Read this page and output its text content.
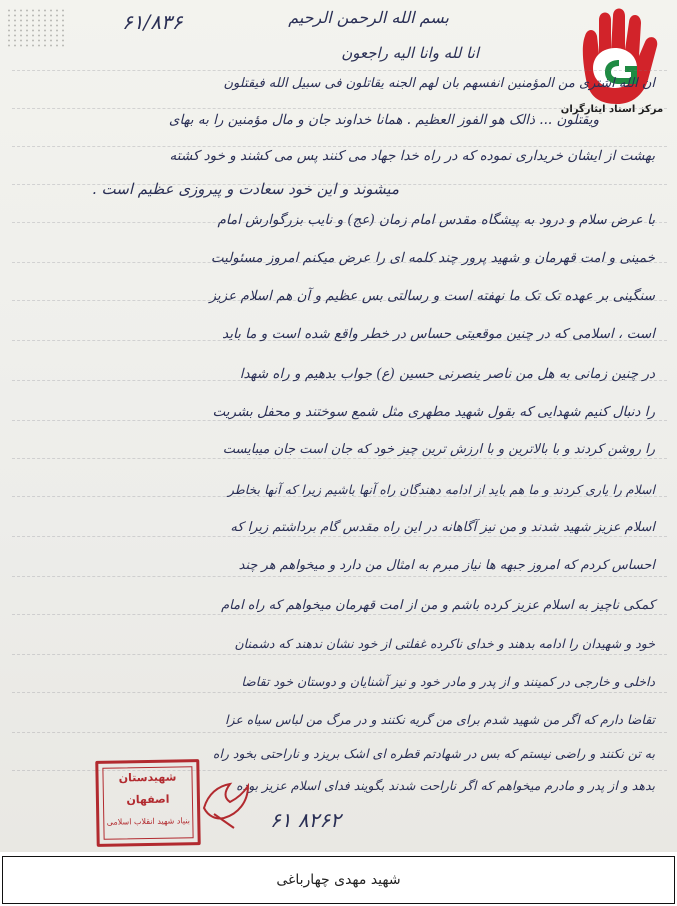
۶۱/۸۳۶
مرکز اسناد ایثارگران
بسم الله الرحمن الرحیم
انا لله وانا الیه راجعون
ان الله اشتری من المؤمنین انفسهم بان لهم الجنه یقاتلون فی سبیل الله فیقتلون
ویقتلون ... ذالک هو الفوز العظیم . همانا خداوند جان و مال مؤمنین را به بهای
بهشت از ایشان خریداری نموده که در راه خدا جهاد می کنند پس می کشند و خود کشته
میشوند و این خود سعادت و پیروزی عظیم است .
با عرض سلام و درود به پیشگاه مقدس امام زمان (عج) و نایب بزرگوارش امام
خمینی و امت قهرمان و شهید پرور چند کلمه ای را عرض میکنم امروز مسئولیت
سنگینی بر عهده تک تک ما نهفته است و رسالتی بس عظیم و آن هم اسلام عزیز
است ، اسلامی که در چنین موقعیتی حساس در خطر واقع شده است و ما باید
در چنین زمانی به هل من ناصر ینصرنی حسین (ع) جواب بدهیم و راه شهدا
را دنبال کنیم شهدایی که بقول شهید مطهری مثل شمع سوختند و محفل بشریت
را روشن کردند و با بالاترین و با ارزش ترین چیز خود که جان است جان میبایست
اسلام را یاری کردند و ما هم باید از ادامه دهندگان راه آنها باشیم زیرا که آنها بخاطر
اسلام عزیز شهید شدند و من نیز آگاهانه در این راه مقدس گام برداشتم زیرا که
احساس کردم که امروز جبهه ها نیاز مبرم به امثال من دارد و میخواهم هر چند
کمکی ناچیز به اسلام عزیز کرده باشم و من از امت قهرمان میخواهم که راه امام
خود و شهیدان را ادامه بدهند و خدای ناکرده غفلتی از خود نشان ندهند که دشمنان
داخلی و خارجی در کمینند و از پدر و مادر خود و نیز آشنایان و دوستان خود تقاضا
تقاضا دارم که اگر من شهید شدم برای من گریه نکنند و در مرگ من لباس سیاه عزا
به تن نکنند و راضی نیستم که بس در شهادتم قطره ای اشک بریزد و ناراحتی بخود راه
بدهد و از پدر و مادرم میخواهم که اگر ناراحت شدند بگویند فدای اسلام عزیز بوده
شهیدستان
اصفهان
بنیاد شهید انقلاب اسلامی	۶۱ ۸۲۶۲
شهید مهدی چهارباغی
